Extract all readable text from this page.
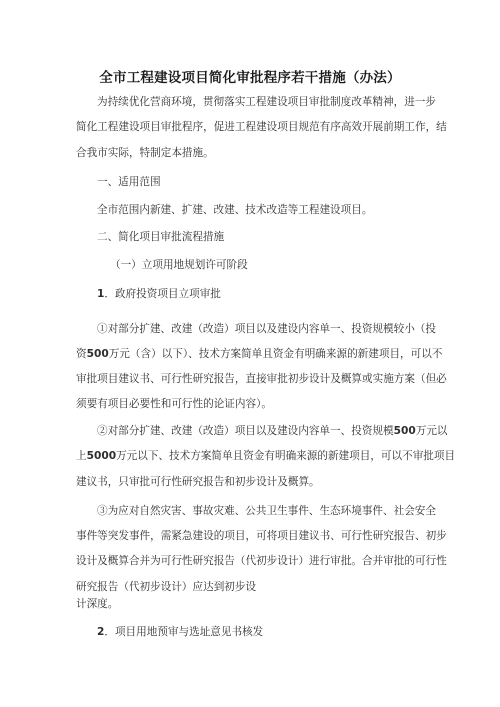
全市工程建设项目简化审批程序若干措施（办法）
为持续优化营商环境，贯彻落实工程建设项目审批制度改革精神，进一步
简化工程建设项目审批程序，促进工程建设项目规范有序高效开展前期工作，结
合我市实际，特制定本措施。
一、适用范围
全市范围内新建、扩建、改建、技术改造等工程建设项目。
二、简化项目审批流程措施
（一）立项用地规划许可阶段
1．政府投资项目立项审批
①对部分扩建、改建（改造）项目以及建设内容单一、投资规模较小（投
资500万元（含）以下）、技术方案简单且资金有明确来源的新建项目，可以不
审批项目建议书、可行性研究报告，直接审批初步设计及概算或实施方案（但必
须要有项目必要性和可行性的论证内容）。
②对部分扩建、改建（改造）项目以及建设内容单一、投资规模500万元以
上5000万元以下、技术方案简单且资金有明确来源的新建项目，可以不审批项目
建议书，只审批可行性研究报告和初步设计及概算。
③为应对自然灾害、事故灾难、公共卫生事件、生态环境事件、社会安全
事件等突发事件，需紧急建设的项目，可将项目建议书、可行性研究报告、初步
设计及概算合并为可行性研究报告（代初步设计）进行审批。合并审批的可行性
研究报告（代初步设计）应达到初步设
计深度。
2．项目用地预审与选址意见书核发
